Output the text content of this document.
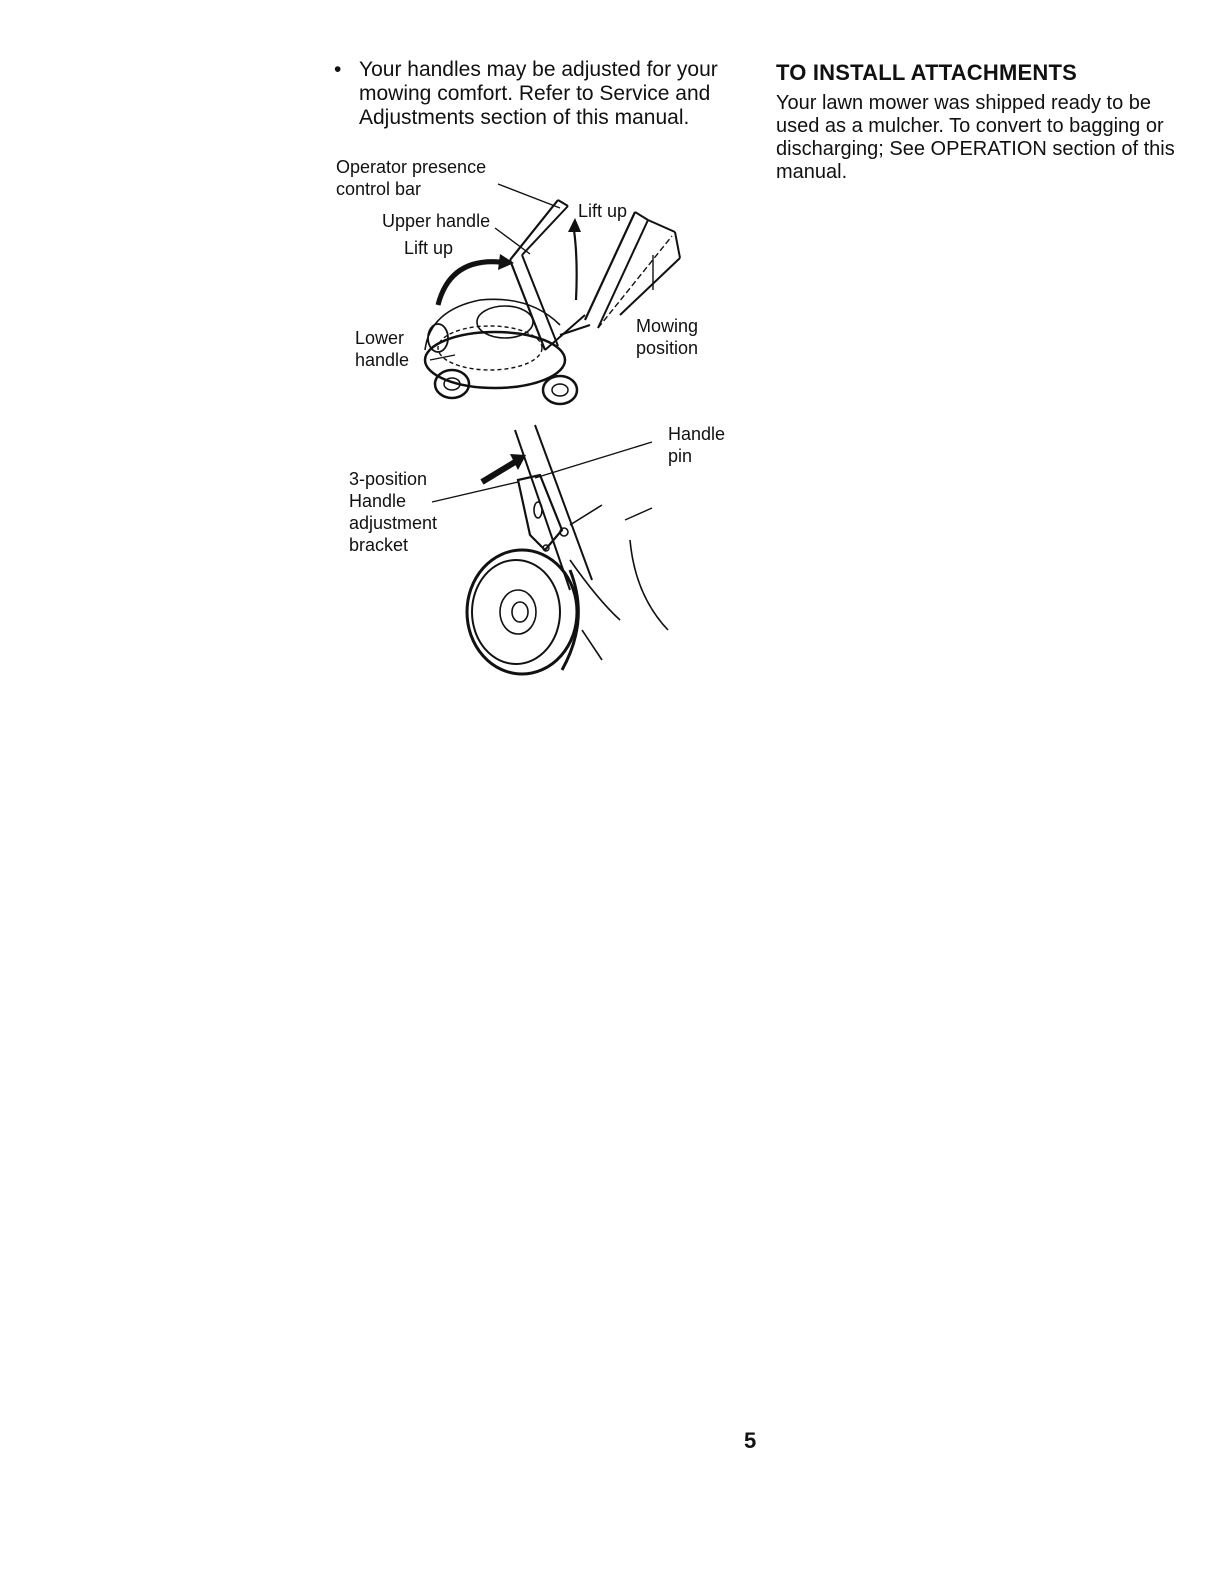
• Your handles may be adjusted for your mowing comfort. Refer to Service and Adjustments section of this manual.
Operator presence
control bar
Upper handle
Lift up
Lift up
Lower
handle
Mowing
position
Handle
pin
3-position
Handle
adjustment
bracket
TO INSTALL ATTACHMENTS

Your lawn mower was shipped ready to be used as a mulcher. To convert to bagging or discharging; See OPERATION section of this manual.

5
